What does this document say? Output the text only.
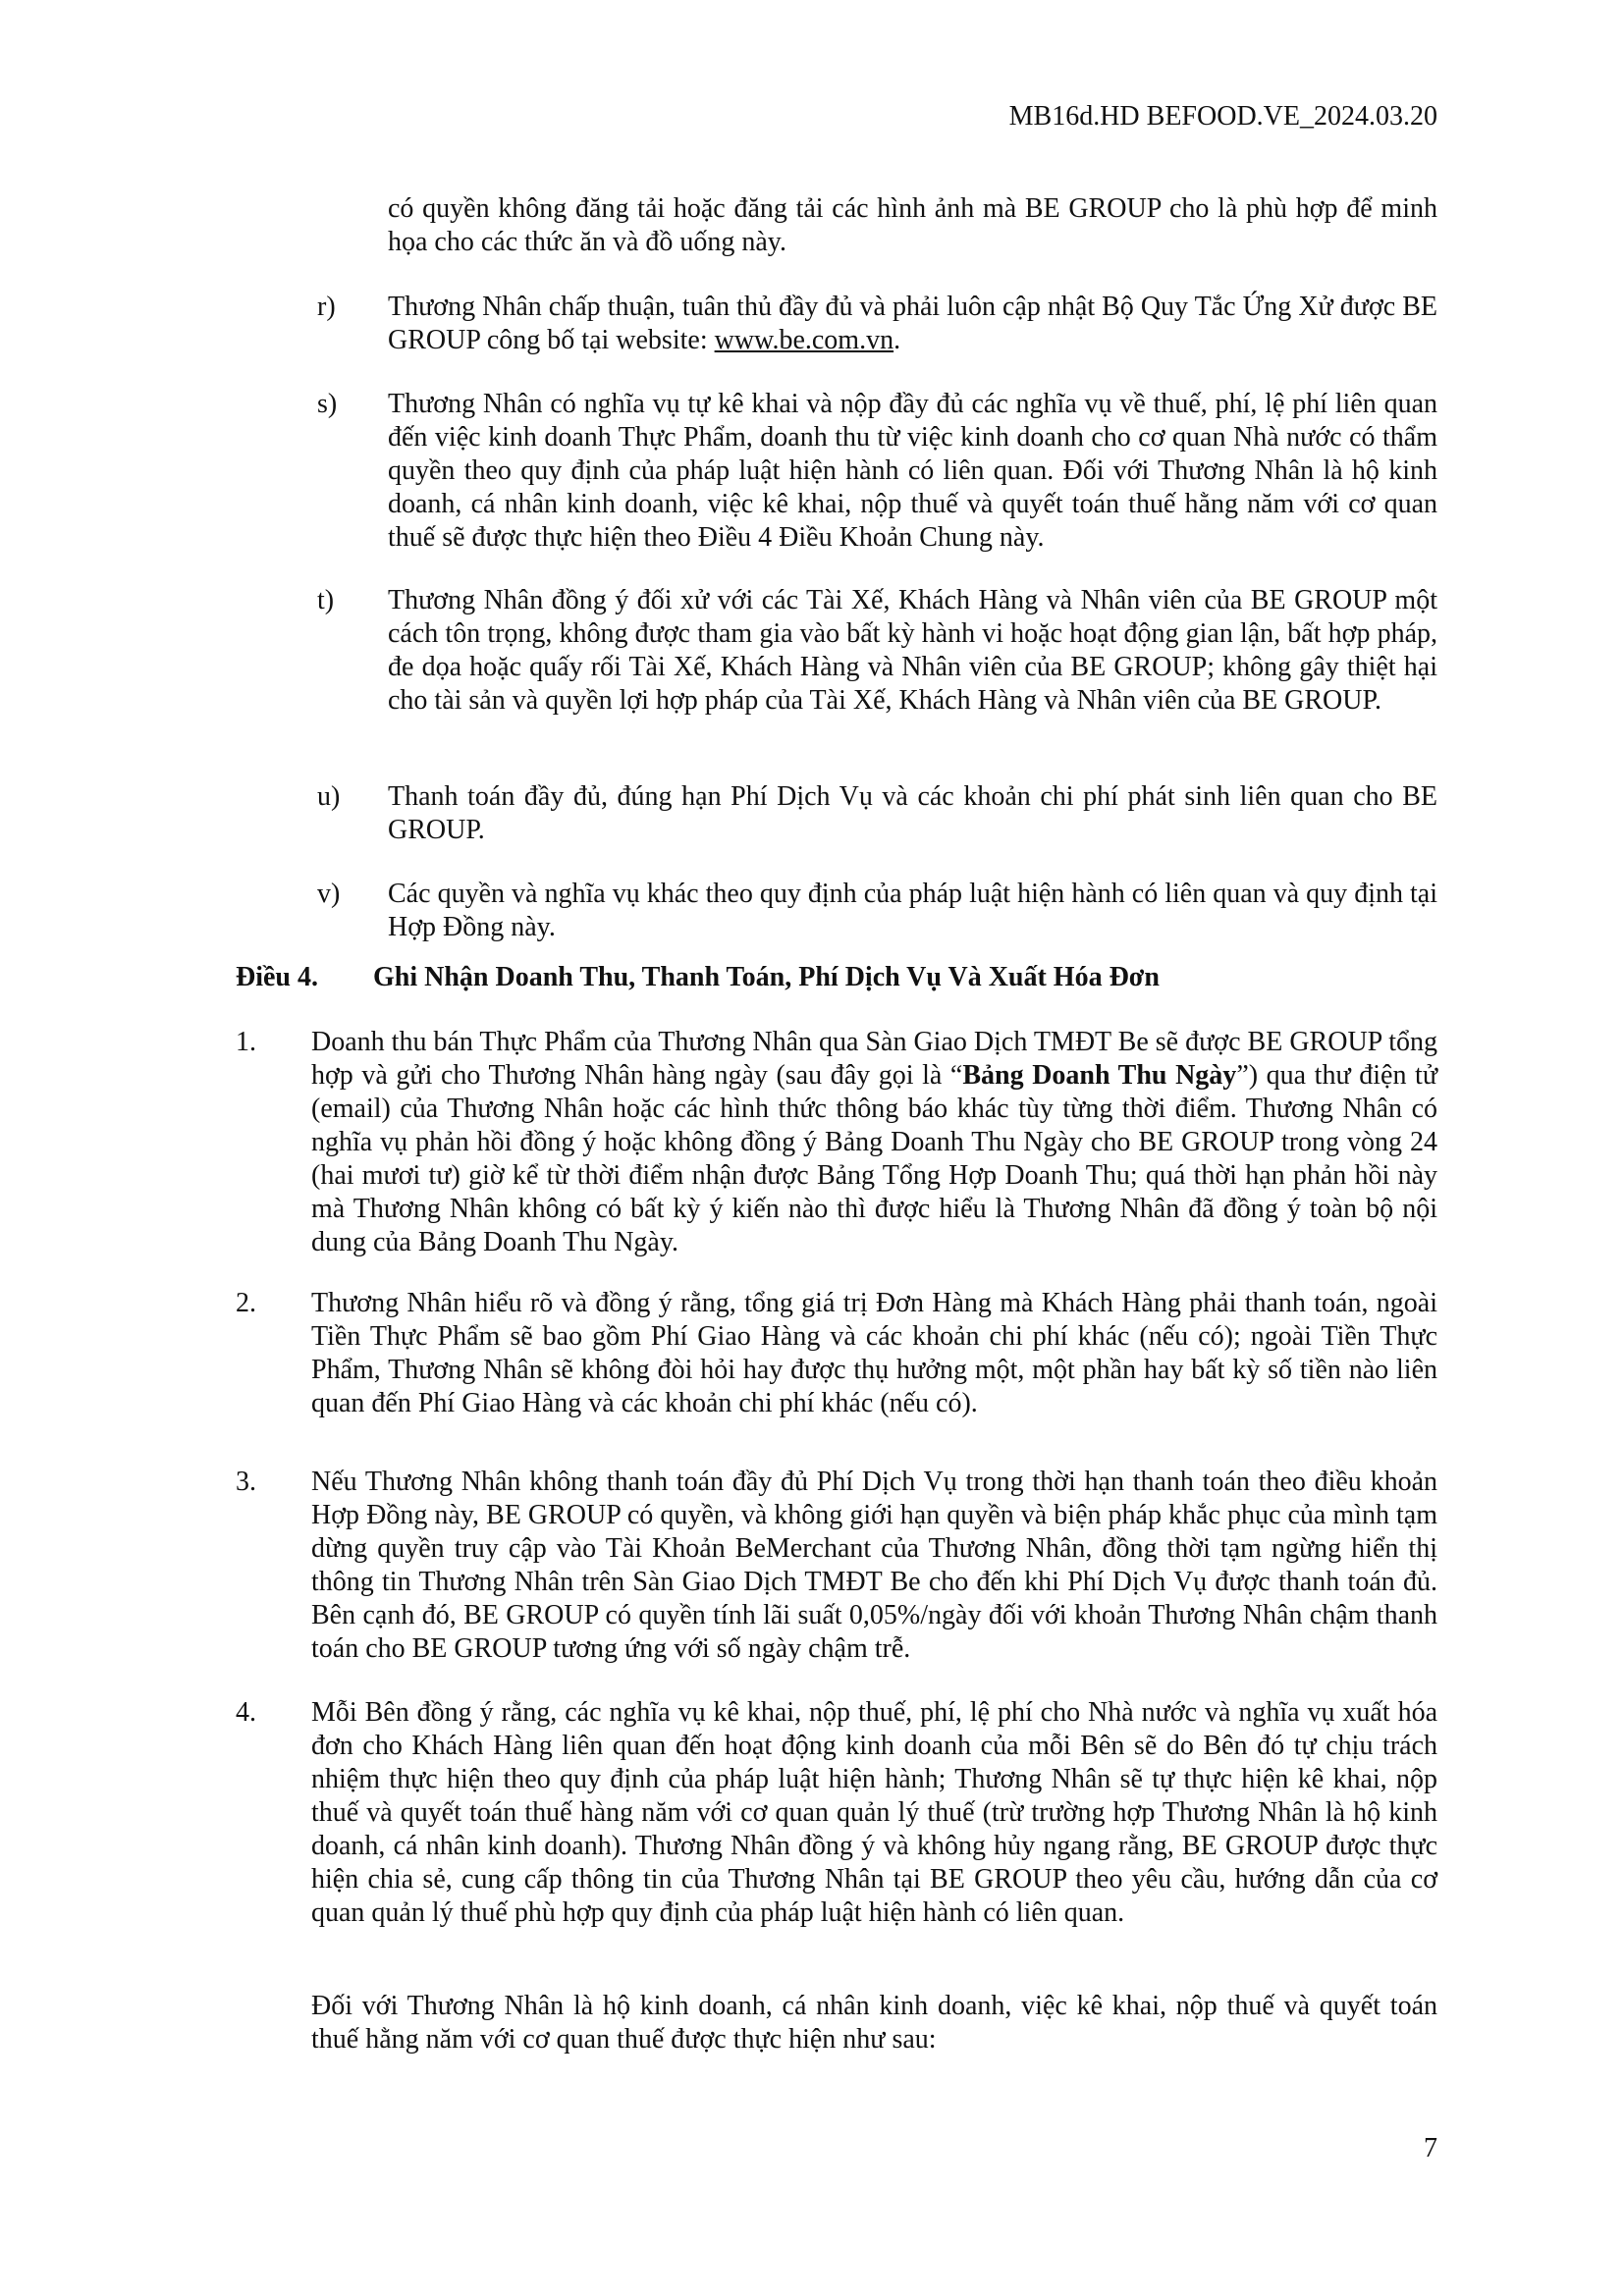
MB16d.HD BEFOOD.VE_2024.03.20
có quyền không đăng tải hoặc đăng tải các hình ảnh mà BE GROUP cho là phù hợp để minh họa cho các thức ăn và đồ uống này.
r) Thương Nhân chấp thuận, tuân thủ đầy đủ và phải luôn cập nhật Bộ Quy Tắc Ứng Xử được BE GROUP công bố tại website: www.be.com.vn.
s) Thương Nhân có nghĩa vụ tự kê khai và nộp đầy đủ các nghĩa vụ về thuế, phí, lệ phí liên quan đến việc kinh doanh Thực Phẩm, doanh thu từ việc kinh doanh cho cơ quan Nhà nước có thẩm quyền theo quy định của pháp luật hiện hành có liên quan. Đối với Thương Nhân là hộ kinh doanh, cá nhân kinh doanh, việc kê khai, nộp thuế và quyết toán thuế hằng năm với cơ quan thuế sẽ được thực hiện theo Điều 4 Điều Khoản Chung này.
t) Thương Nhân đồng ý đối xử với các Tài Xế, Khách Hàng và Nhân viên của BE GROUP một cách tôn trọng, không được tham gia vào bất kỳ hành vi hoặc hoạt động gian lận, bất hợp pháp, đe dọa hoặc quấy rối Tài Xế, Khách Hàng và Nhân viên của BE GROUP; không gây thiệt hại cho tài sản và quyền lợi hợp pháp của Tài Xế, Khách Hàng và Nhân viên của BE GROUP.
u) Thanh toán đầy đủ, đúng hạn Phí Dịch Vụ và các khoản chi phí phát sinh liên quan cho BE GROUP.
v) Các quyền và nghĩa vụ khác theo quy định của pháp luật hiện hành có liên quan và quy định tại Hợp Đồng này.
Điều 4. Ghi Nhận Doanh Thu, Thanh Toán, Phí Dịch Vụ Và Xuất Hóa Đơn
1. Doanh thu bán Thực Phẩm của Thương Nhân qua Sàn Giao Dịch TMĐT Be sẽ được BE GROUP tổng hợp và gửi cho Thương Nhân hàng ngày (sau đây gọi là “Bảng Doanh Thu Ngày”) qua thư điện tử (email) của Thương Nhân hoặc các hình thức thông báo khác tùy từng thời điểm. Thương Nhân có nghĩa vụ phản hồi đồng ý hoặc không đồng ý Bảng Doanh Thu Ngày cho BE GROUP trong vòng 24 (hai mươi tư) giờ kể từ thời điểm nhận được Bảng Tổng Hợp Doanh Thu; quá thời hạn phản hồi này mà Thương Nhân không có bất kỳ ý kiến nào thì được hiểu là Thương Nhân đã đồng ý toàn bộ nội dung của Bảng Doanh Thu Ngày.
2. Thương Nhân hiểu rõ và đồng ý rằng, tổng giá trị Đơn Hàng mà Khách Hàng phải thanh toán, ngoài Tiền Thực Phẩm sẽ bao gồm Phí Giao Hàng và các khoản chi phí khác (nếu có); ngoài Tiền Thực Phẩm, Thương Nhân sẽ không đòi hỏi hay được thụ hưởng một, một phần hay bất kỳ số tiền nào liên quan đến Phí Giao Hàng và các khoản chi phí khác (nếu có).
3. Nếu Thương Nhân không thanh toán đầy đủ Phí Dịch Vụ trong thời hạn thanh toán theo điều khoản Hợp Đồng này, BE GROUP có quyền, và không giới hạn quyền và biện pháp khắc phục của mình tạm dừng quyền truy cập vào Tài Khoản BeMerchant của Thương Nhân, đồng thời tạm ngừng hiển thị thông tin Thương Nhân trên Sàn Giao Dịch TMĐT Be cho đến khi Phí Dịch Vụ được thanh toán đủ. Bên cạnh đó, BE GROUP có quyền tính lãi suất 0,05%/ngày đối với khoản Thương Nhân chậm thanh toán cho BE GROUP tương ứng với số ngày chậm trễ.
4. Mỗi Bên đồng ý rằng, các nghĩa vụ kê khai, nộp thuế, phí, lệ phí cho Nhà nước và nghĩa vụ xuất hóa đơn cho Khách Hàng liên quan đến hoạt động kinh doanh của mỗi Bên sẽ do Bên đó tự chịu trách nhiệm thực hiện theo quy định của pháp luật hiện hành; Thương Nhân sẽ tự thực hiện kê khai, nộp thuế và quyết toán thuế hàng năm với cơ quan quản lý thuế (trừ trường hợp Thương Nhân là hộ kinh doanh, cá nhân kinh doanh). Thương Nhân đồng ý và không hủy ngang rằng, BE GROUP được thực hiện chia sẻ, cung cấp thông tin của Thương Nhân tại BE GROUP theo yêu cầu, hướng dẫn của cơ quan quản lý thuế phù hợp quy định của pháp luật hiện hành có liên quan.
Đối với Thương Nhân là hộ kinh doanh, cá nhân kinh doanh, việc kê khai, nộp thuế và quyết toán thuế hằng năm với cơ quan thuế được thực hiện như sau:
7
